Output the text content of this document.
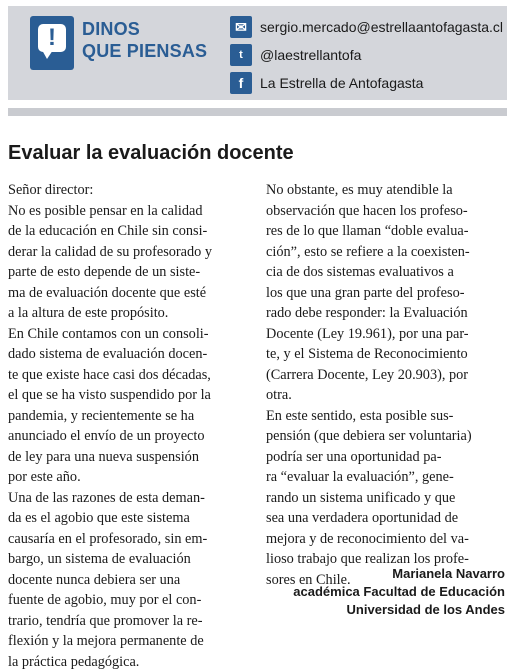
!	DINOS
QUE PIENSAS
✉ sergio.mercado@estrellaantofagasta.cl
t	@laestrellantofa
f	La Estrella de Antofagasta
Evaluar la evaluación docente

Señor director:

No es posible pensar en la calidad
de la educación en Chile sin consi-
derar la calidad de su profesorado y
parte de esto depende de un siste-
ma de evaluación docente que esté
a la altura de este propósito.

En Chile contamos con un consoli-
dado sistema de evaluación docen-
te que existe hace casi dos décadas,
el que se ha visto suspendido por la
pandemia, y recientemente se ha
anunciado el envío de un proyecto
de ley para una nueva suspensión
por este año.

Una de las razones de esta deman-
da es el agobio que este sistema
causaría en el profesorado, sin em-
bargo, un sistema de evaluación
docente nunca debiera ser una
fuente de agobio, muy por el con-
trario, tendría que promover la re-
flexión y la mejora permanente de
la práctica pedagógica.

No obstante, es muy atendible la
observación que hacen los profeso-
res de lo que llaman “doble evalua-
ción”, esto se refiere a la coexisten-
cia de dos sistemas evaluativos a
los que una gran parte del profeso-
rado debe responder: la Evaluación
Docente (Ley 19.961), por una par-
te, y el Sistema de Reconocimiento
(Carrera Docente, Ley 20.903), por
otra.

En este sentido, esta posible sus-
pensión (que debiera ser voluntaria)
podría ser una oportunidad pa-
ra “evaluar la evaluación”, gene-
rando un sistema unificado y que
sea una verdadera oportunidad de
mejora y de reconocimiento del va-
lioso trabajo que realizan los profe-
sores en Chile.	Marianela Navarro
académica Facultad de Educación
Universidad de los Andes
